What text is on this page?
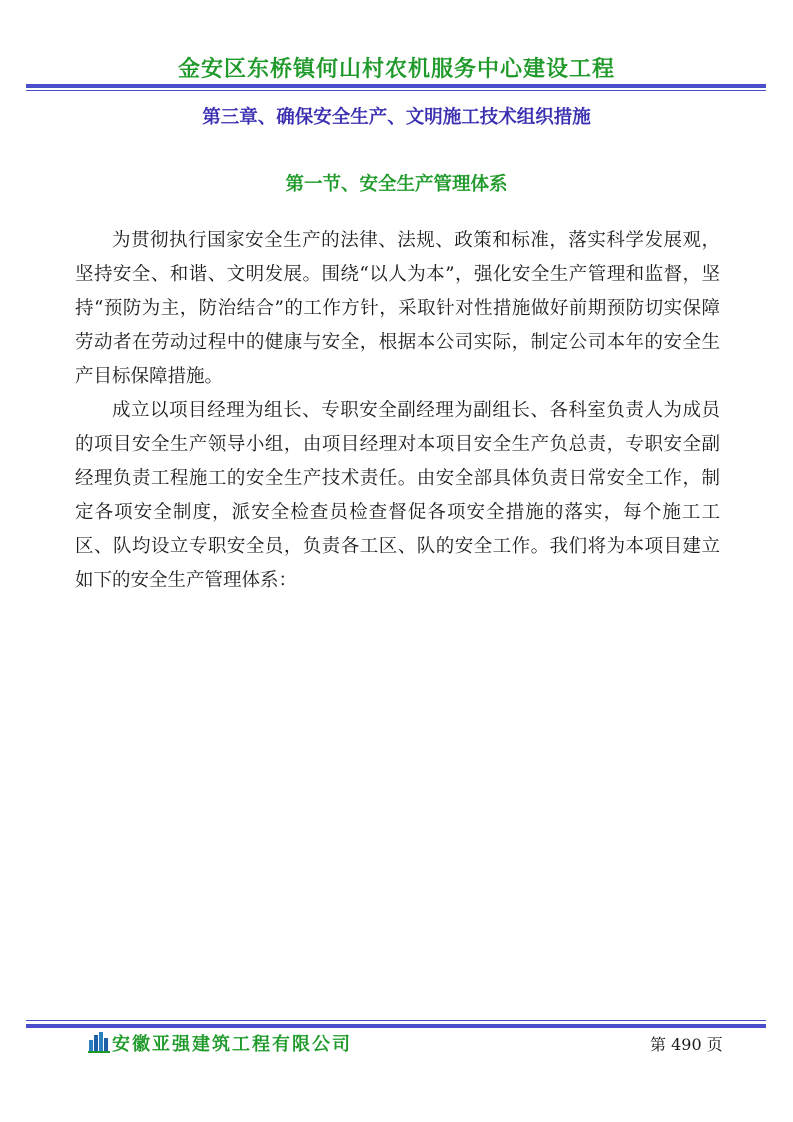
金安区东桥镇何山村农机服务中心建设工程
第三章、确保安全生产、文明施工技术组织措施
第一节、安全生产管理体系

为贯彻执行国家安全生产的法律、法规、政策和标准，落实科学发展观，坚持安全、和谐、文明发展。围绕“以人为本”，强化安全生产管理和监督，坚持“预防为主，防治结合”的工作方针，采取针对性措施做好前期预防切实保障劳动者在劳动过程中的健康与安全，根据本公司实际，制定公司本年的安全生产目标保障措施。

成立以项目经理为组长、专职安全副经理为副组长、各科室负责人为成员的项目安全生产领导小组，由项目经理对本项目安全生产负总责，专职安全副经理负责工程施工的安全生产技术责任。由安全部具体负责日常安全工作，制定各项安全制度，派安全检查员检查督促各项安全措施的落实，每个施工工区、队均设立专职安全员，负责各工区、队的安全工作。我们将为本项目建立如下的安全生产管理体系：

安徽亚强建筑工程有限公司	第 490 页
